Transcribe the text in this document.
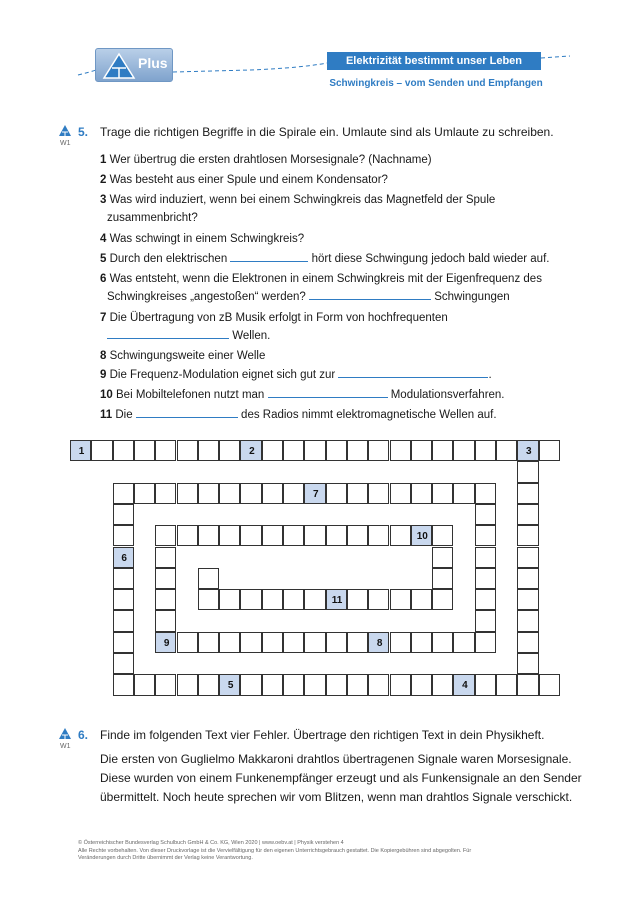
Plus	Elektrizität bestimmt unser Leben
Schwingkreis – vom Senden und Empfangen
W1
5. Trage die richtigen Begriffe in die Spirale ein. Umlaute sind als Umlaute zu schreiben.
1 Wer übertrug die ersten drahtlosen Morsesignale? (Nachname)
2 Was besteht aus einer Spule und einem Kondensator?
3 Was wird induziert, wenn bei einem Schwingkreis das Magnetfeld der Spule
zusammenbricht?
4 Was schwingt in einem Schwingkreis?
5 Durch den elektrischen	hört diese Schwingung jedoch bald wieder auf.
6 Was entsteht, wenn die Elektronen in einem Schwingkreis mit der Eigenfrequenz des
Schwingkreises „angestoßen“ werden?	Schwingungen
7 Die Übertragung von zB Musik erfolgt in Form von hochfrequenten
Wellen.
8 Schwingungsweite einer Welle
9 Die Frequenz-Modulation eignet sich gut zur	.
10 Bei Mobiltelefonen nutzt man	Modulationsverfahren.
11 Die	des Radios nimmt elektromagnetische Wellen auf.
1	2	3
5	4
6
7
9	8
10
11
W1
6. Finde im folgenden Text vier Fehler. Übertrage den richtigen Text in dein Physikheft.
Die ersten von Guglielmo Makkaroni drahtlos übertragenen Signale waren Morsesignale.
Diese wurden von einem Funkenempfänger erzeugt und als Funkensignale an den Sender
übermittelt. Noch heute sprechen wir vom Blitzen, wenn man drahtlos Signale verschickt.
© Österreichischer Bundesverlag Schulbuch GmbH & Co. KG, Wien 2020 | www.oebv.at | Physik verstehen 4
Alle Rechte vorbehalten. Von dieser Druckvorlage ist die Vervielfältigung für den eigenen Unterrichtsgebrauch gestattet. Die Kopiergebühren sind abgegolten. Für
Veränderungen durch Dritte übernimmt der Verlag keine Verantwortung.
